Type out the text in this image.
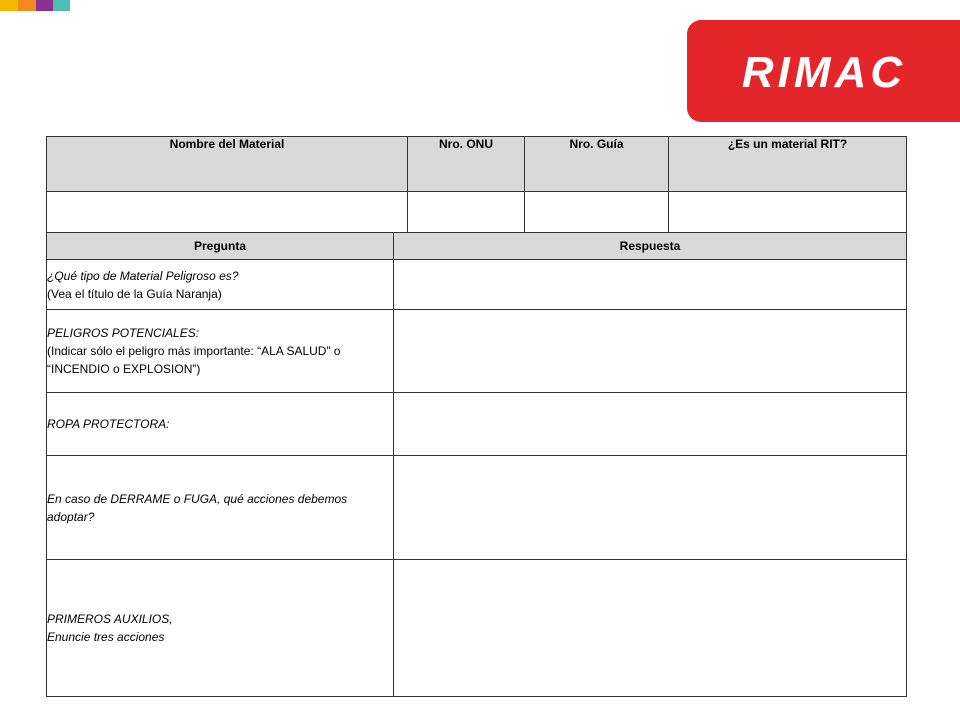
RIMAC
Nombre del Material		Nro. ONU	Nro. Guía	¿Es un material RIT?

Pregunta	Respuesta			

¿Qué tipo de Material Peligroso es?
(Vea el título de la Guía Naranja)				

PELIGROS POTENCIALES:
(Indicar sólo el peligro más importante: “ALA SALUD” o
“INCENDIO o EXPLOSION”)				

ROPA PROTECTORA:				

En caso de DERRAME o FUGA, qué acciones debemos
adoptar?				

PRIMEROS AUXILIOS,
Enuncie tres acciones				
